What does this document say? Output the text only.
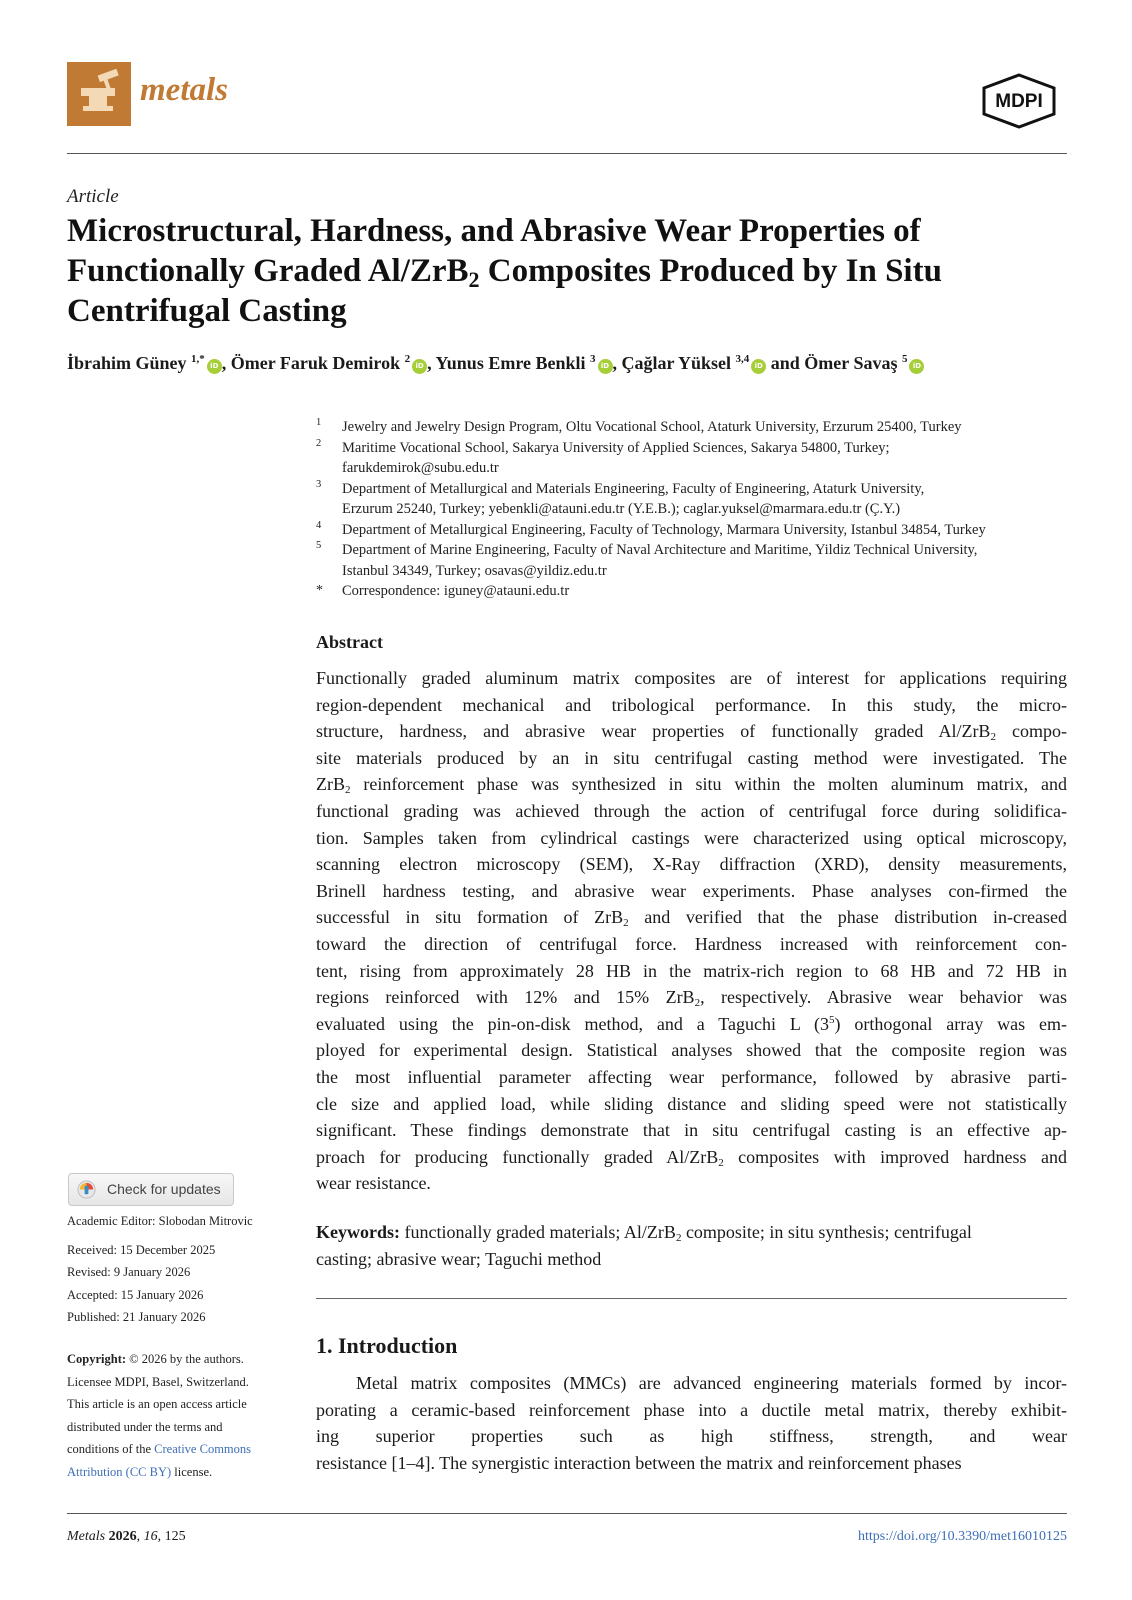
metals	MDPI
Article
Microstructural, Hardness, and Abrasive Wear Properties of
Functionally Graded Al/ZrB$_2$ Composites Produced by In Situ
Centrifugal Casting
İbrahim Güney $^{1,*}$iD , Ömer Faruk Demirok $^2$iD , Yunus Emre Benkli $^3$iD , Çağlar Yüksel $^{3,4}$iD and Ömer Savaş $^5$iD
1 Jewelry and Jewelry Design Program, Oltu Vocational School, Ataturk University, Erzurum 25400, Turkey
2 Maritime Vocational School, Sakarya University of Applied Sciences, Sakarya 54800, Turkey;
farukdemirok@subu.edu.tr
3 Department of Metallurgical and Materials Engineering, Faculty of Engineering, Ataturk University,
Erzurum 25240, Turkey; yebenkli@atauni.edu.tr (Y.E.B.); caglar.yuksel@marmara.edu.tr (Ç.Y.)
4 Department of Metallurgical Engineering, Faculty of Technology, Marmara University, Istanbul 34854, Turkey
5 Department of Marine Engineering, Faculty of Naval Architecture and Maritime, Yildiz Technical University,
Istanbul 34349, Turkey; osavas@yildiz.edu.tr
* Correspondence: iguney@atauni.edu.tr
Abstract
Functionally graded aluminum matrix composites are of interest for applications requiring
region-dependent mechanical and tribological performance. In this study, the micro-
structure, hardness, and abrasive wear properties of functionally graded Al/ZrB$_2$ compo-
site materials produced by an in situ centrifugal casting method were investigated. The
ZrB$_2$ reinforcement phase was synthesized in situ within the molten aluminum matrix, and
functional grading was achieved through the action of centrifugal force during solidifica-
tion. Samples taken from cylindrical castings were characterized using optical microscopy,
scanning electron microscopy (SEM), X-Ray diffraction (XRD), density measurements,
Brinell hardness testing, and abrasive wear experiments. Phase analyses con-firmed the
successful in situ formation of ZrB$_2$ and verified that the phase distribution in-creased
toward the direction of centrifugal force. Hardness increased with reinforcement con-
tent, rising from approximately 28 HB in the matrix-rich region to 68 HB and 72 HB in
regions reinforced with 12% and 15% ZrB$_2$, respectively. Abrasive wear behavior was
evaluated using the pin-on-disk method, and a Taguchi L $(3^5)$ orthogonal array was em-
ployed for experimental design. Statistical analyses showed that the composite region was
the most influential parameter affecting wear performance, followed by abrasive parti-
cle size and applied load, while sliding distance and sliding speed were not statistically
significant. These findings demonstrate that in situ centrifugal casting is an effective ap-
proach for producing functionally graded Al/ZrB$_2$ composites with improved hardness and
wear resistance.
Keywords: functionally graded materials; Al/ZrB$_2$ composite; in situ synthesis; centrifugal
casting; abrasive wear; Taguchi method
1. Introduction
Metal matrix composites (MMCs) are advanced engineering materials formed by incor-
porating a ceramic-based reinforcement phase into a ductile metal matrix, thereby exhibit-
ing superior properties such as high stiffness, strength, and wear
resistance [1–4]. The synergistic interaction between the matrix and reinforcement phases
Check for updates
Academic Editor: Slobodan Mitrovic
Received: 15 December 2025
Revised: 9 January 2026
Accepted: 15 January 2026
Published: 21 January 2026
Copyright: © 2026 by the authors.
Licensee MDPI, Basel, Switzerland.
This article is an open access article
distributed under the terms and
conditions of the Creative Commons
Attribution (CC BY) license.
Metals 2026, 16, 125	https://doi.org/10.3390/met16010125
